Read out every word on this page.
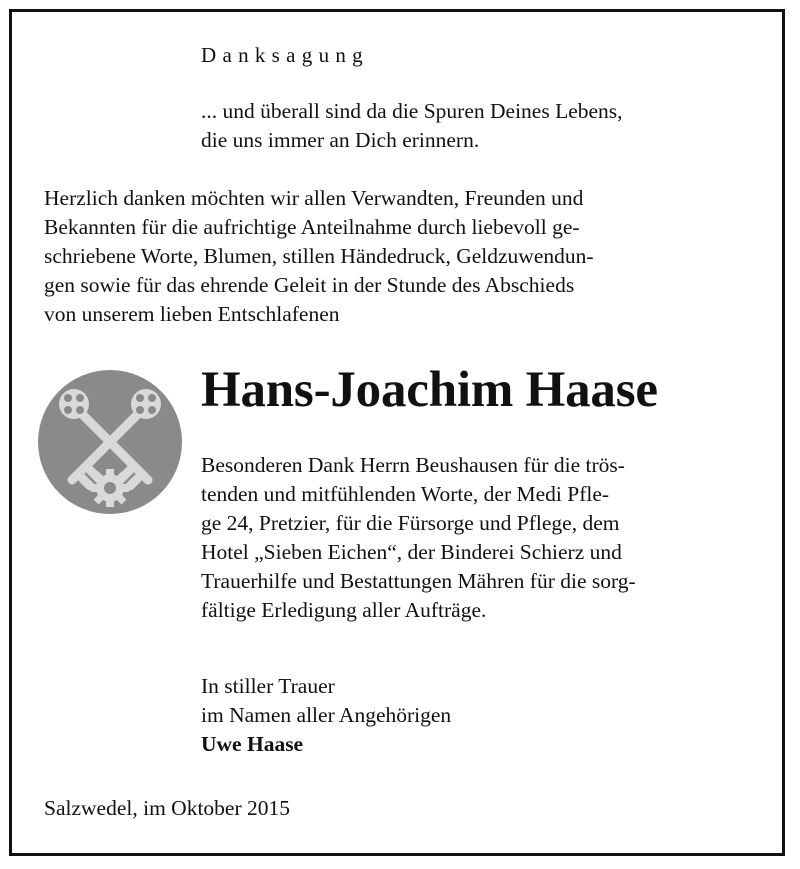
Danksagung
... und überall sind da die Spuren Deines Lebens,
die uns immer an Dich erinnern.
Herzlich danken möchten wir allen Verwandten, Freunden und
Bekannten für die aufrichtige Anteilnahme durch liebevoll ge-
schriebene Worte, Blumen, stillen Händedruck, Geldzuwendun-
gen sowie für das ehrende Geleit in der Stunde des Abschieds
von unserem lieben Entschlafenen
Hans-Joachim Haase
Besonderen Dank Herrn Beushausen für die trös-
tenden und mitfühlenden Worte, der Medi Pfle-
ge 24, Pretzier, für die Fürsorge und Pflege, dem
Hotel „Sieben Eichen“, der Binderei Schierz und
Trauerhilfe und Bestattungen Mähren für die sorg-
fältige Erledigung aller Aufträge.
In stiller Trauer
im Namen aller Angehörigen
Uwe Haase
Salzwedel, im Oktober 2015
